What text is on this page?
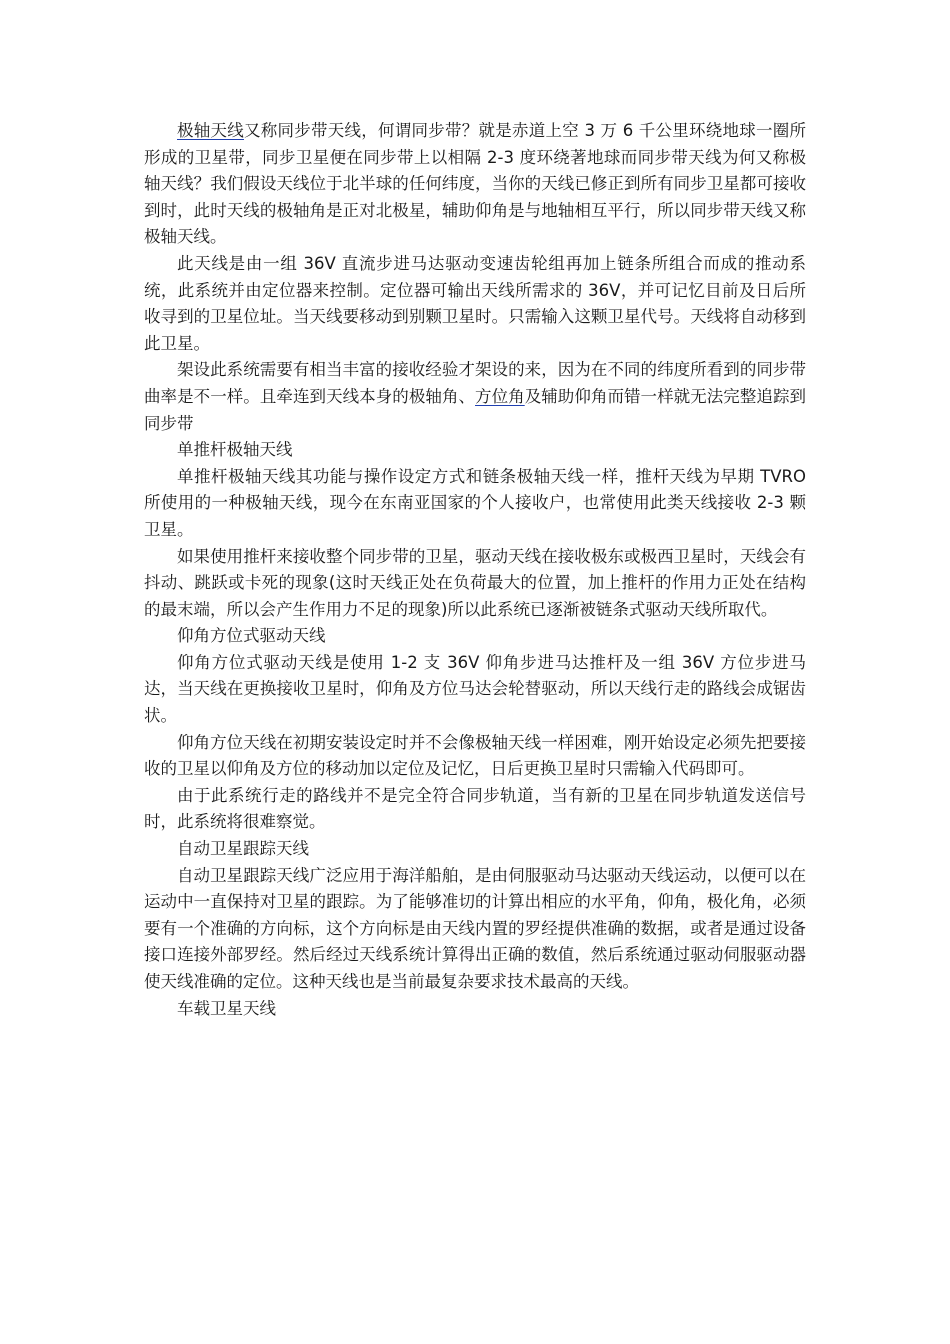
极轴天线又称同步带天线，何谓同步带？就是赤道上空 3 万 6 千公里环绕地球一圈所形成的卫星带，同步卫星便在同步带上以相隔 2-3 度环绕著地球而同步带天线为何又称极轴天线？我们假设天线位于北半球的任何纬度，当你的天线已修正到所有同步卫星都可接收到时，此时天线的极轴角是正对北极星，辅助仰角是与地轴相互平行，所以同步带天线又称极轴天线。

此天线是由一组 36V 直流步进马达驱动变速齿轮组再加上链条所组合而成的推动系统，此系统并由定位器来控制。定位器可输出天线所需求的 36V，并可记忆目前及日后所收寻到的卫星位址。当天线要移动到别颗卫星时。只需输入这颗卫星代号。天线将自动移到此卫星。

架设此系统需要有相当丰富的接收经验才架设的来，因为在不同的纬度所看到的同步带曲率是不一样。且牵连到天线本身的极轴角、方位角及辅助仰角而错一样就无法完整追踪到同步带

单推杆极轴天线

单推杆极轴天线其功能与操作设定方式和链条极轴天线一样，推杆天线为早期 TVRO 所使用的一种极轴天线，现今在东南亚国家的个人接收户，也常使用此类天线接收 2-3 颗卫星。

如果使用推杆来接收整个同步带的卫星，驱动天线在接收极东或极西卫星时，天线会有抖动、跳跃或卡死的现象(这时天线正处在负荷最大的位置，加上推杆的作用力正处在结构的最末端，所以会产生作用力不足的现象)所以此系统已逐渐被链条式驱动天线所取代。

仰角方位式驱动天线

仰角方位式驱动天线是使用 1-2 支 36V 仰角步进马达推杆及一组 36V 方位步进马达，当天线在更换接收卫星时，仰角及方位马达会轮替驱动，所以天线行走的路线会成锯齿状。

仰角方位天线在初期安装设定时并不会像极轴天线一样困难，刚开始设定必须先把要接收的卫星以仰角及方位的移动加以定位及记忆，日后更换卫星时只需输入代码即可。

由于此系统行走的路线并不是完全符合同步轨道，当有新的卫星在同步轨道发送信号时，此系统将很难察觉。

自动卫星跟踪天线

自动卫星跟踪天线广泛应用于海洋船舶，是由伺服驱动马达驱动天线运动，以便可以在运动中一直保持对卫星的跟踪。为了能够准切的计算出相应的水平角，仰角，极化角，必须要有一个准确的方向标，这个方向标是由天线内置的罗经提供准确的数据，或者是通过设备接口连接外部罗经。然后经过天线系统计算得出正确的数值，然后系统通过驱动伺服驱动器使天线准确的定位。这种天线也是当前最复杂要求技术最高的天线。

车载卫星天线
